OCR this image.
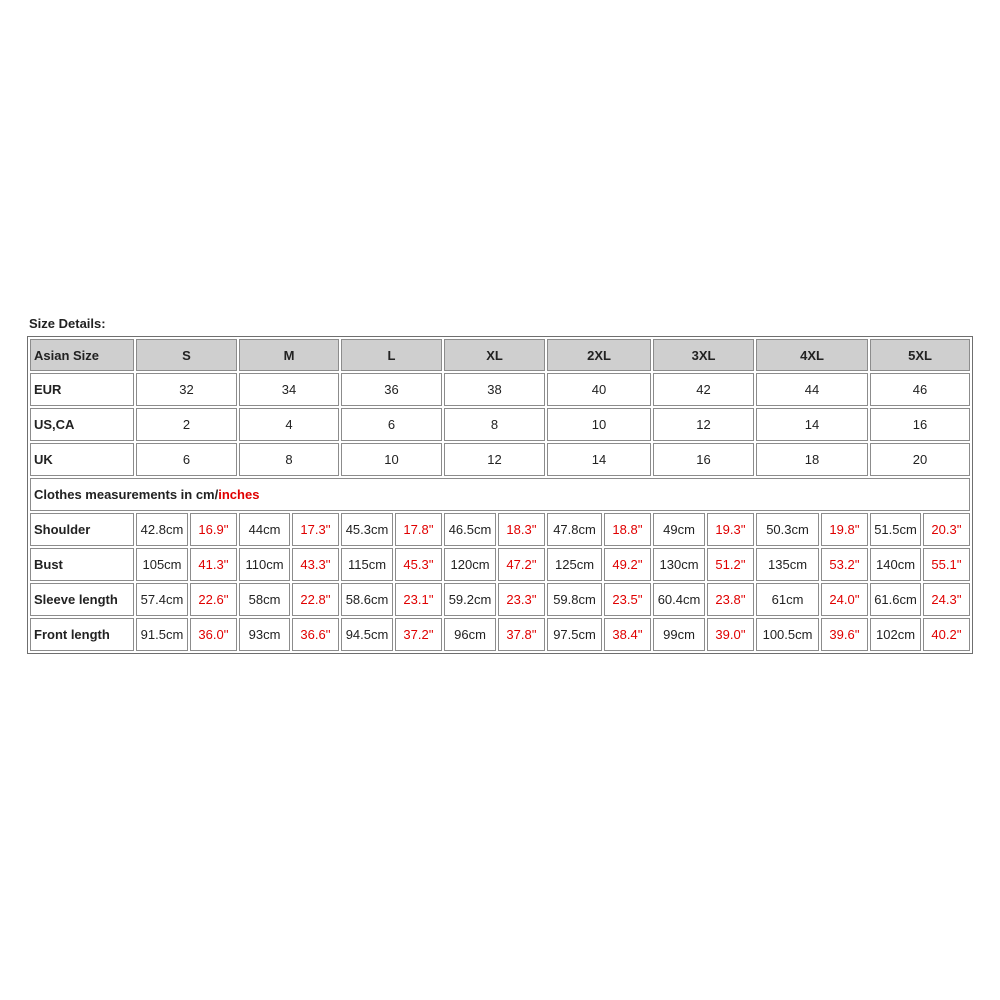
Size Details:
Asian Size	S		M		L		XL		2XL		3XL		4XL		5XL	
EUR	32		34		36		38		40		42		44		46	
US,CA	2		4		6		8		10		12		14		16	
UK	6		8		10		12		14		16		18		20	
Clothes measurements in cm/inches																
Shoulder	42.8cm	16.9''	44cm	17.3''	45.3cm	17.8''	46.5cm	18.3''	47.8cm	18.8''	49cm	19.3''	50.3cm	19.8''	51.5cm	20.3''
Bust	105cm	41.3''	110cm	43.3''	115cm	45.3''	120cm	47.2''	125cm	49.2''	130cm	51.2''	135cm	53.2''	140cm	55.1''
Sleeve length	57.4cm	22.6''	58cm	22.8''	58.6cm	23.1''	59.2cm	23.3''	59.8cm	23.5''	60.4cm	23.8''	61cm	24.0''	61.6cm	24.3''
Front length	91.5cm	36.0''	93cm	36.6''	94.5cm	37.2''	96cm	37.8''	97.5cm	38.4''	99cm	39.0''	100.5cm	39.6''	102cm	40.2''
